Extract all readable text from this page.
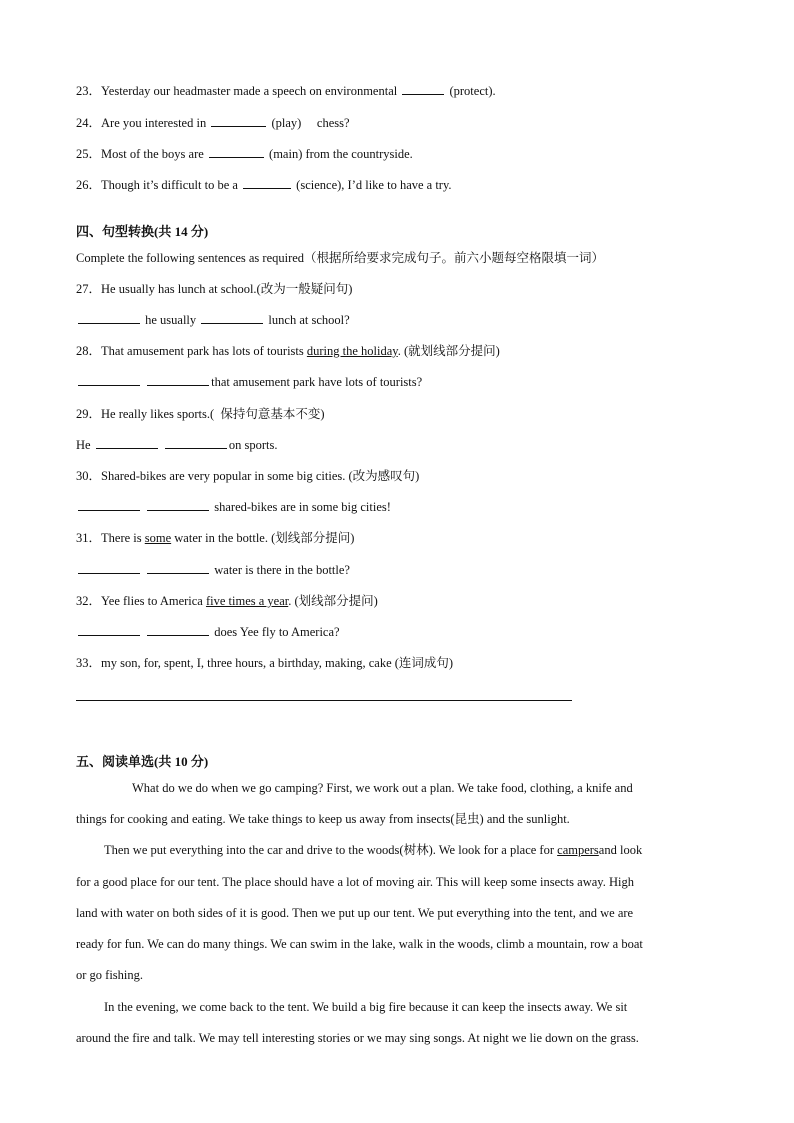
23．Yesterday our headmaster made a speech on environmental	(protect).
24．Are you interested in	(play)     chess?
25．Most of the boys are	(main) from the countryside.
26．Though it’s difficult to be a	(science), I’d like to have a try.
四、句型转换(共 14 分)
Complete the following sentences as required（根据所给要求完成句子。前六小题每空格限填一词）
27．He usually has lunch at school.(改为一般疑问句)
he usually	lunch at school?
28．That amusement park has lots of tourists during the holiday. (就划线部分提问)
that amusement park have lots of tourists?
29．He really likes sports.(  保持句意基本不变)
He	on sports.
30．Shared-bikes are very popular in some big cities. (改为感叹句)
shared-bikes are in some big cities!
31．There is some water in the bottle. (划线部分提问)
water is there in the bottle?
32．Yee flies to America five times a year. (划线部分提问)
does Yee fly to America?
33．my son, for, spent, I, three hours, a birthday, making, cake (连词成句)
五、阅读单选(共 10 分)
What do we do when we go camping? First, we work out a plan. We take food, clothing, a knife and
things for cooking and eating. We take things to keep us away from insects(昆虫) and the sunlight.
Then we put everything into the car and drive to the woods(树林). We look for a place for campersand look
for a good place for our tent. The place should have a lot of moving air. This will keep some insects away. High
land with water on both sides of it is good. Then we put up our tent. We put everything into the tent, and we are
ready for fun. We can do many things. We can swim in the lake, walk in the woods, climb a mountain, row a boat
or go fishing.
In the evening, we come back to the tent. We build a big fire because it can keep the insects away. We sit
around the fire and talk. We may tell interesting stories or we may sing songs. At night we lie down on the grass.
